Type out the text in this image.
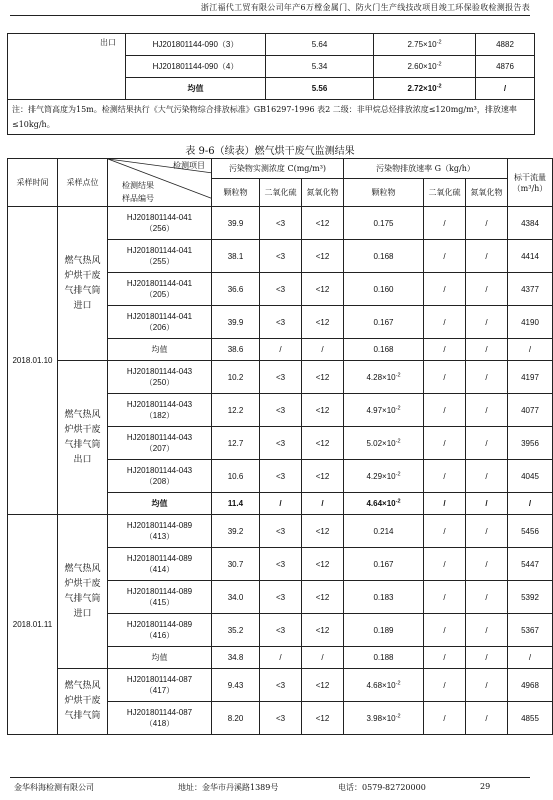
浙江福代工贸有限公司年产6万樘金属门、防火门生产线技改项目竣工环保验收检测报告表
出口	HJ201801144-090（3）	5.64	$2.75\times 10^{-2}$	4882
	HJ201801144-090（4）	5.34	$2.60\times 10^{-2}$	4876
	均值	5.56	$2.72\times 10^{-2}$	/
注：排气筒高度为15m。检测结果执行《大气污染物综合排放标准》GB16297-1996 表2 二级：非甲烷总烃排放浓度≤120mg/m³，排放速率≤10kg/h。				
表 9-6（续表）燃气烘干废气监测结果
采样时间	采样点位	检测项目
检测结果
样品编号	污染物实测浓度 C(mg/m³)			污染物排放速率 G（kg/h）			标干流量（m³/h）
			颗粒物	二氧化硫	氮氧化物	颗粒物	二氧化硫	氮氧化物	
2018.01.10	燃气热风炉烘干废气排气筒进口	HJ201801144-041
（256）	39.9	<3	<12	0.175	/	/	4384

		HJ201801144-041
（255）	38.1	<3	<12	0.168	/	/	4414

		HJ201801144-041
（205）	36.6	<3	<12	0.160	/	/	4377

		HJ201801144-041
（206）	39.9	<3	<12	0.167	/	/	4190
		均值	38.6	/	/	0.168	/	/	/
	燃气热风炉烘干废气排气筒出口	HJ201801144-043
（250）	10.2	<3	<12	$4.28\times 10^{-2}$	/	/	4197

		HJ201801144-043
（182）	12.2	<3	<12	$4.97\times 10^{-2}$	/	/	4077

		HJ201801144-043
（207）	12.7	<3	<12	$5.02\times 10^{-2}$	/	/	3956

		HJ201801144-043
（208）	10.6	<3	<12	$4.29\times 10^{-2}$	/	/	4045
		均值	11.4	/	/	$4.64\times 10^{-2}$	/	/	/
2018.01.11	燃气热风炉烘干废气排气筒进口	HJ201801144-089
（413）	39.2	<3	<12	0.214	/	/	5456

		HJ201801144-089
（414）	30.7	<3	<12	0.167	/	/	5447

		HJ201801144-089
（415）	34.0	<3	<12	0.183	/	/	5392

		HJ201801144-089
（416）	35.2	<3	<12	0.189	/	/	5367
		均值	34.8	/	/	0.188	/	/	/
	燃气热风炉烘干废气排气筒	HJ201801144-087
（417）	9.43	<3	<12	$4.68\times 10^{-2}$	/	/	4968

		HJ201801144-087
（418）	8.20	<3	<12	$3.98\times 10^{-2}$	/	/	4855
金华科海检测有限公司	地址：金华市丹溪路1389号	电话：0579-82720000	29
